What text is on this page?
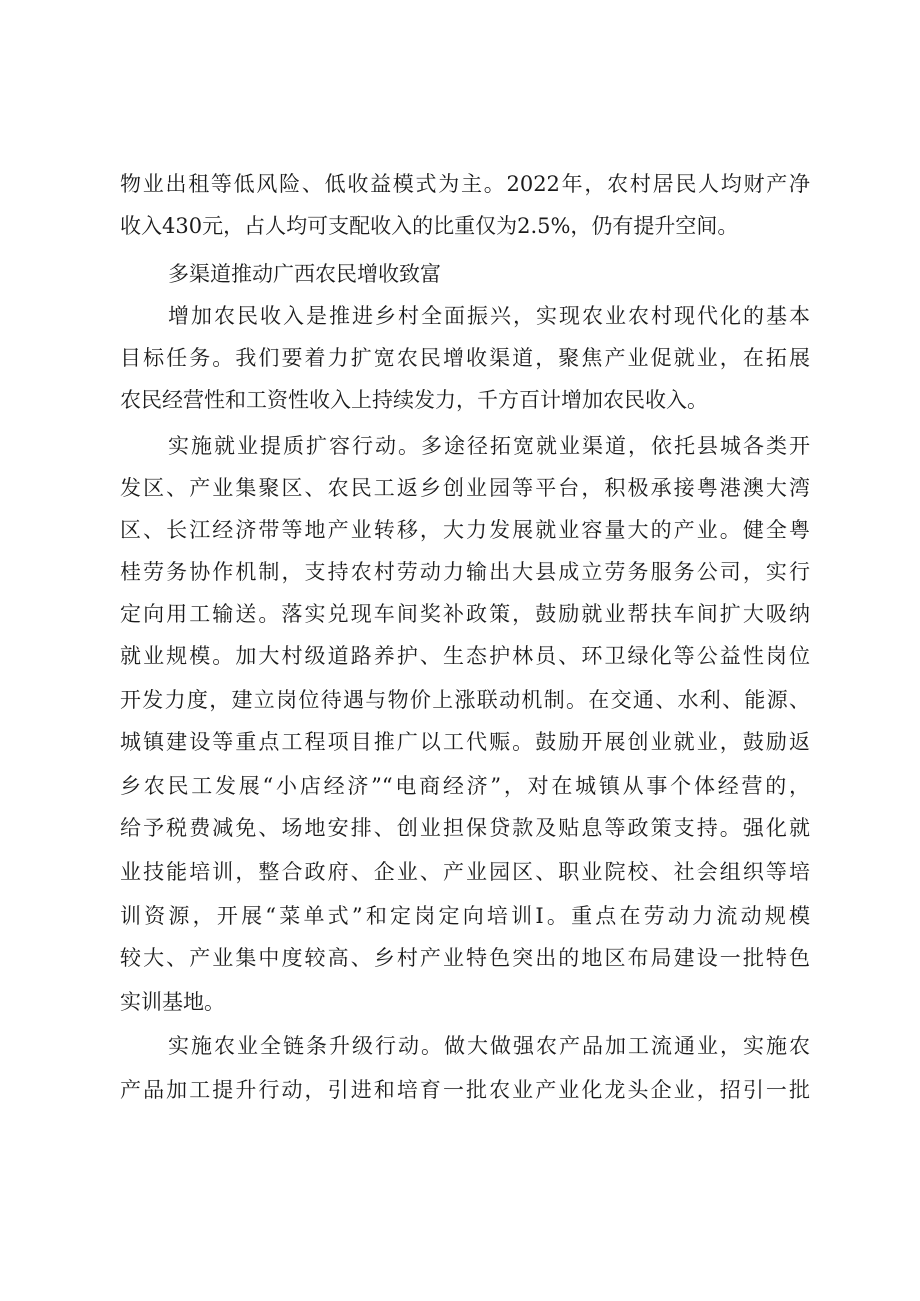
物业出租等低风险、低收益模式为主。2022年，农村居民人均财产净
收入430元，占人均可支配收入的比重仅为2.5%，仍有提升空间。
多渠道推动广西农民增收致富
增加农民收入是推进乡村全面振兴，实现农业农村现代化的基本
目标任务。我们要着力扩宽农民增收渠道，聚焦产业促就业，在拓展
农民经营性和工资性收入上持续发力，千方百计增加农民收入。
实施就业提质扩容行动。多途径拓宽就业渠道，依托县城各类开
发区、产业集聚区、农民工返乡创业园等平台，积极承接粤港澳大湾
区、长江经济带等地产业转移，大力发展就业容量大的产业。健全粤
桂劳务协作机制，支持农村劳动力输出大县成立劳务服务公司，实行
定向用工输送。落实兑现车间奖补政策，鼓励就业帮扶车间扩大吸纳
就业规模。加大村级道路养护、生态护林员、环卫绿化等公益性岗位
开发力度，建立岗位待遇与物价上涨联动机制。在交通、水利、能源、
城镇建设等重点工程项目推广以工代赈。鼓励开展创业就业，鼓励返
乡农民工发展“小店经济”“电商经济”，对在城镇从事个体经营的，
给予税费减免、场地安排、创业担保贷款及贴息等政策支持。强化就
业技能培训，整合政府、企业、产业园区、职业院校、社会组织等培
训资源，开展“菜单式”和定岗定向培训I。重点在劳动力流动规模
较大、产业集中度较高、乡村产业特色突出的地区布局建设一批特色
实训基地。
实施农业全链条升级行动。做大做强农产品加工流通业，实施农
产品加工提升行动，引进和培育一批农业产业化龙头企业，招引一批
